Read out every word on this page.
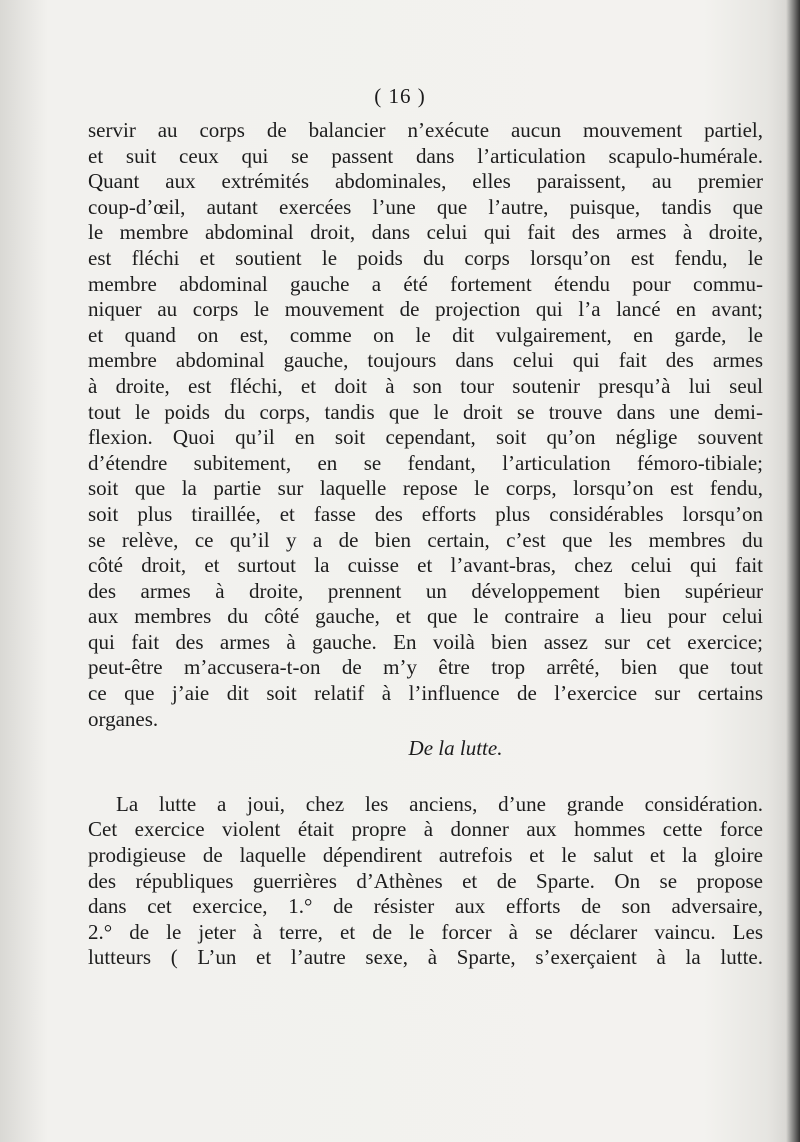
( 16 )
servir au corps de balancier n’exécute aucun mouvement partiel,
et suit ceux qui se passent dans l’articulation scapulo-humérale.
Quant aux extrémités abdominales, elles paraissent, au premier
coup-d’œil, autant exercées l’une que l’autre, puisque, tandis que
le membre abdominal droit, dans celui qui fait des armes à droite,
est fléchi et soutient le poids du corps lorsqu’on est fendu, le
membre abdominal gauche a été fortement étendu pour commu-
niquer au corps le mouvement de projection qui l’a lancé en avant;
et quand on est, comme on le dit vulgairement, en garde, le
membre abdominal gauche, toujours dans celui qui fait des armes
à droite, est fléchi, et doit à son tour soutenir presqu’à lui seul
tout le poids du corps, tandis que le droit se trouve dans une demi-
flexion. Quoi qu’il en soit cependant, soit qu’on néglige souvent
d’étendre subitement, en se fendant, l’articulation fémoro-tibiale;
soit que la partie sur laquelle repose le corps, lorsqu’on est fendu,
soit plus tiraillée, et fasse des efforts plus considérables lorsqu’on
se relève, ce qu’il y a de bien certain, c’est que les membres du
côté droit, et surtout la cuisse et l’avant-bras, chez celui qui fait
des armes à droite, prennent un développement bien supérieur
aux membres du côté gauche, et que le contraire a lieu pour celui
qui fait des armes à gauche. En voilà bien assez sur cet exercice;
peut-être m’accusera-t-on de m’y être trop arrêté, bien que tout
ce que j’aie dit soit relatif à l’influence de l’exercice sur certains
organes.
De la lutte.
La lutte a joui, chez les anciens, d’une grande considération.
Cet exercice violent était propre à donner aux hommes cette force
prodigieuse de laquelle dépendirent autrefois et le salut et la gloire
des républiques guerrières d’Athènes et de Sparte. On se propose
dans cet exercice, 1.° de résister aux efforts de son adversaire,
2.° de le jeter à terre, et de le forcer à se déclarer vaincu. Les
lutteurs ( L’un et l’autre sexe, à Sparte, s’exerçaient à la lutte.
